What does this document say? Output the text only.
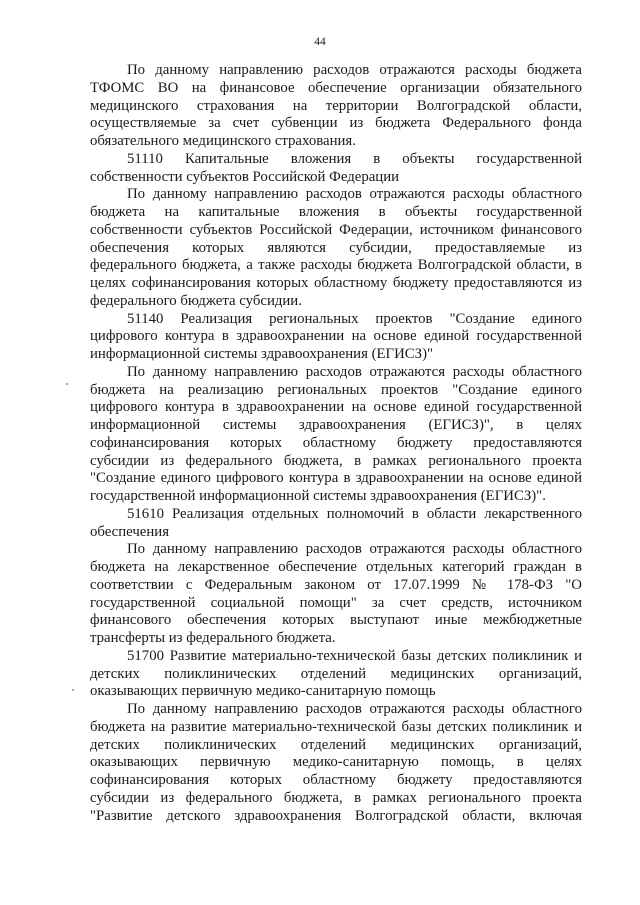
44
По данному направлению расходов отражаются расходы бюджета
ТФОМС ВО на финансовое обеспечение организации обязательного
медицинского страхования на территории Волгоградской области,
осуществляемые за счет субвенции из бюджета Федерального фонда
обязательного медицинского страхования.
51110 Капитальные вложения в объекты государственной
собственности субъектов Российской Федерации
По данному направлению расходов отражаются расходы областного
бюджета на капитальные вложения в объекты государственной
собственности субъектов Российской Федерации, источником финансового
обеспечения которых являются субсидии, предоставляемые из
федерального бюджета, а также расходы бюджета Волгоградской области, в
целях софинансирования которых областному бюджету предоставляются из
федерального бюджета субсидии.
51140 Реализация региональных проектов "Создание единого
цифрового контура в здравоохранении на основе единой государственной
информационной системы здравоохранения (ЕГИСЗ)"
По данному направлению расходов отражаются расходы областного
бюджета на реализацию региональных проектов "Создание единого
цифрового контура в здравоохранении на основе единой государственной
информационной системы здравоохранения (ЕГИСЗ)", в целях
софинансирования которых областному бюджету предоставляются
субсидии из федерального бюджета, в рамках регионального проекта
"Создание единого цифрового контура в здравоохранении на основе единой
государственной информационной системы здравоохранения (ЕГИСЗ)".
51610 Реализация отдельных полномочий в области лекарственного
обеспечения
По данному направлению расходов отражаются расходы областного
бюджета на лекарственное обеспечение отдельных категорий граждан в
соответствии с Федеральным законом от 17.07.1999 № 178-ФЗ "О
государственной социальной помощи" за счет средств, источником
финансового обеспечения которых выступают иные межбюджетные
трансферты из федерального бюджета.
51700 Развитие материально-технической базы детских поликлиник и
детских поликлинических отделений медицинских организаций,
оказывающих первичную медико-санитарную помощь
По данному направлению расходов отражаются расходы областного
бюджета на развитие материально-технической базы детских поликлиник и
детских поликлинических отделений медицинских организаций,
оказывающих первичную медико-санитарную помощь, в целях
софинансирования которых областному бюджету предоставляются
субсидии из федерального бюджета, в рамках регионального проекта
"Развитие детского здравоохранения Волгоградской области, включая
